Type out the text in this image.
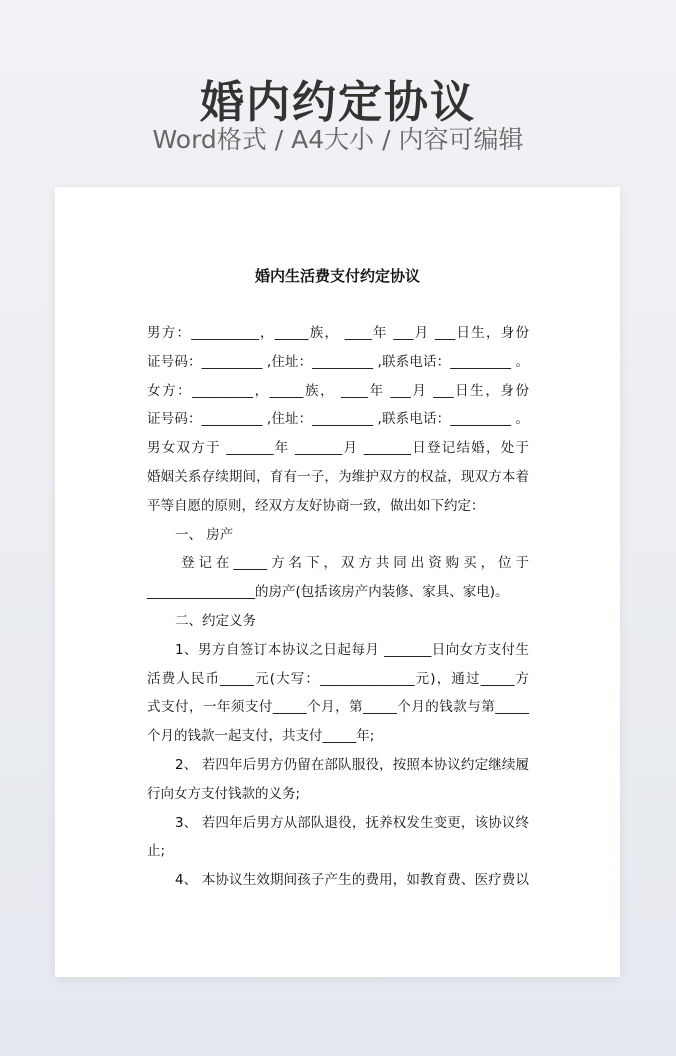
婚内约定协议
Word格式 / A4大小 / 内容可编辑
婚内生活费支付约定协议
男方：__________，_____族， ____年 ___月 ___日生，身份
证号码：_________ ,住址：_________ ,联系电话：_________ 。
女方：_________，_____族， ____年 ___月 ___日生，身份
证号码：_________ ,住址：_________ ,联系电话：_________ 。
男女双方于 _______年 _______月 _______日登记结婚，处于
婚姻关系存续期间，育有一子，为维护双方的权益，现双方本着
平等自愿的原则，经双方友好协商一致，做出如下约定：
一、 房产
登记在_____方名下，双方共同出资购买，位于
________________的房产(包括该房产内装修、家具、家电)。
二、约定义务
1、男方自签订本协议之日起每月 _______日向女方支付生
活费人民币_____元(大写：______________元)，通过_____方
式支付，一年须支付_____个月，第_____个月的钱款与第_____
个月的钱款一起支付，共支付_____年;
2、 若四年后男方仍留在部队服役，按照本协议约定继续履
行向女方支付钱款的义务;
3、 若四年后男方从部队退役，抚养权发生变更，该协议终
止;
4、 本协议生效期间孩子产生的费用，如教育费、医疗费以
